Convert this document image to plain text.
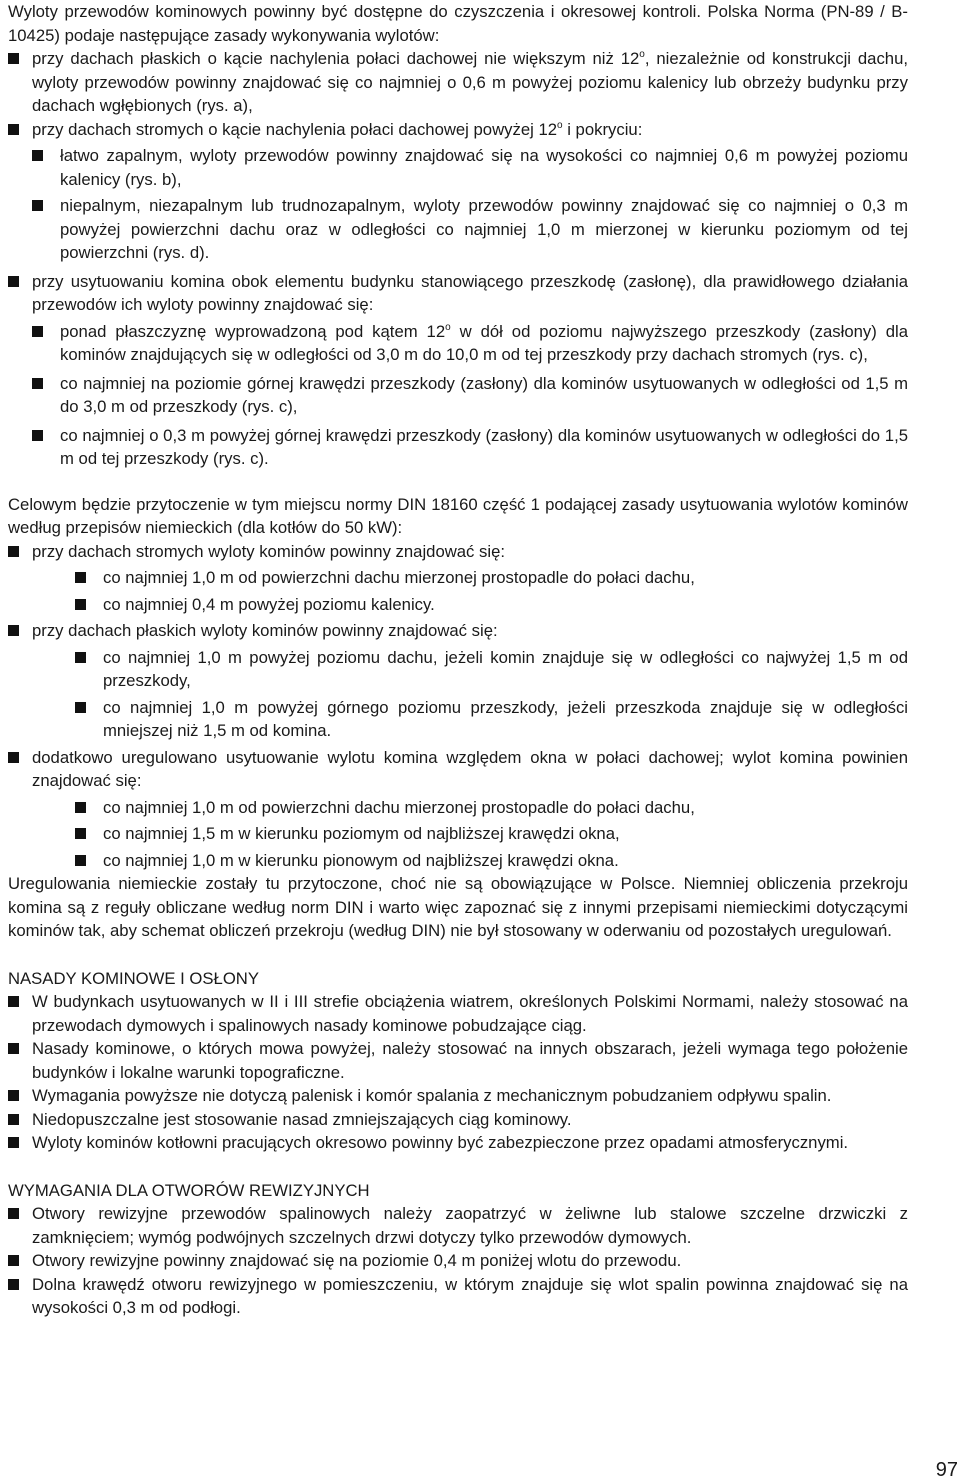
Wyloty przewodów kominowych powinny być dostępne do czyszczenia i okresowej kontroli. Polska Norma (PN-89 / B-10425) podaje następujące zasady wykonywania wylotów:

przy dachach płaskich o kącie nachylenia połaci dachowej nie większym niż 12$^o$, niezależnie od konstrukcji dachu, wyloty przewodów powinny znajdować się co najmniej o 0,6 m powyżej poziomu kalenicy lub obrzeży budynku przy dachach wgłębionych (rys. a),
przy dachach stromych o kącie nachylenia połaci dachowej powyżej 12$^o$ i pokryciu:
łatwo zapalnym, wyloty przewodów powinny znajdować się na wysokości co najmniej 0,6 m powyżej poziomu kalenicy (rys. b),
niepalnym, niezapalnym lub trudnozapalnym, wyloty przewodów powinny znajdować się co najmniej o 0,3 m powyżej powierzchni dachu oraz w odległości co najmniej 1,0 m mierzonej w kierunku poziomym od tej powierzchni (rys. d).
przy usytuowaniu komina obok elementu budynku stanowiącego przeszkodę (zasłonę), dla prawidłowego działania przewodów ich wyloty powinny znajdować się:
ponad płaszczyznę wyprowadzoną pod kątem 12$^o$ w dół od poziomu najwyższego przeszkody (zasłony) dla kominów znajdujących się w odległości od 3,0 m do 10,0 m od tej przeszkody przy dachach stromych (rys. c),
co najmniej na poziomie górnej krawędzi przeszkody (zasłony) dla kominów usytuowanych w odległości od 1,5 m do 3,0 m od przeszkody (rys. c),
co najmniej o 0,3 m powyżej górnej krawędzi przeszkody (zasłony) dla kominów usytuowanych w odległości do 1,5 m od tej przeszkody (rys. c).

Celowym będzie przytoczenie w tym miejscu normy DIN 18160 część 1 podającej zasady usytuowania wylotów kominów według przepisów niemieckich (dla kotłów do 50 kW):

przy dachach stromych wyloty kominów powinny znajdować się:
co najmniej 1,0 m od powierzchni dachu mierzonej prostopadle do połaci dachu,
co najmniej 0,4 m powyżej poziomu kalenicy.
przy dachach płaskich wyloty kominów powinny znajdować się:
co najmniej 1,0 m powyżej poziomu dachu, jeżeli komin znajduje się w odległości co najwyżej 1,5 m od przeszkody,
co najmniej 1,0 m powyżej górnego poziomu przeszkody, jeżeli przeszkoda znajduje się w odległości mniejszej niż 1,5 m od komina.
dodatkowo uregulowano usytuowanie wylotu komina względem okna w połaci dachowej; wylot komina powinien znajdować się:
co najmniej 1,0 m od powierzchni dachu mierzonej prostopadle do połaci dachu,
co najmniej 1,5 m w kierunku poziomym od najbliższej krawędzi okna,
co najmniej 1,0 m w kierunku pionowym od najbliższej krawędzi okna.

Uregulowania niemieckie zostały tu przytoczone, choć nie są obowiązujące w Polsce. Niemniej obliczenia przekroju komina są z reguły obliczane według norm DIN i warto więc zapoznać się z innymi przepisami niemieckimi dotyczącymi kominów tak, aby schemat obliczeń przekroju (według DIN) nie był stosowany w oderwaniu od pozostałych uregulowań.

NASADY KOMINOWE I OSŁONY

W budynkach usytuowanych w II i III strefie obciążenia wiatrem, określonych Polskimi Normami, należy stosować na przewodach dymowych i spalinowych nasady kominowe pobudzające ciąg.
Nasady kominowe, o których mowa powyżej, należy stosować na innych obszarach, jeżeli wymaga tego położenie budynków i lokalne warunki topograficzne.
Wymagania powyższe nie dotyczą palenisk i komór spalania z mechanicznym pobudzaniem odpływu spalin.
Niedopuszczalne jest stosowanie nasad zmniejszających ciąg kominowy.
Wyloty kominów kotłowni pracujących okresowo powinny być zabezpieczone przez opadami atmosferycznymi.

WYMAGANIA DLA OTWORÓW REWIZYJNYCH

Otwory rewizyjne przewodów spalinowych należy zaopatrzyć w żeliwne lub stalowe szczelne drzwiczki z zamknięciem; wymóg podwójnych szczelnych drzwi dotyczy tylko przewodów dymowych.
Otwory rewizyjne powinny znajdować się na poziomie 0,4 m poniżej wlotu do przewodu.
Dolna krawędź otworu rewizyjnego w pomieszczeniu, w którym znajduje się wlot spalin powinna znajdować się na wysokości 0,3 m od podłogi.
97
